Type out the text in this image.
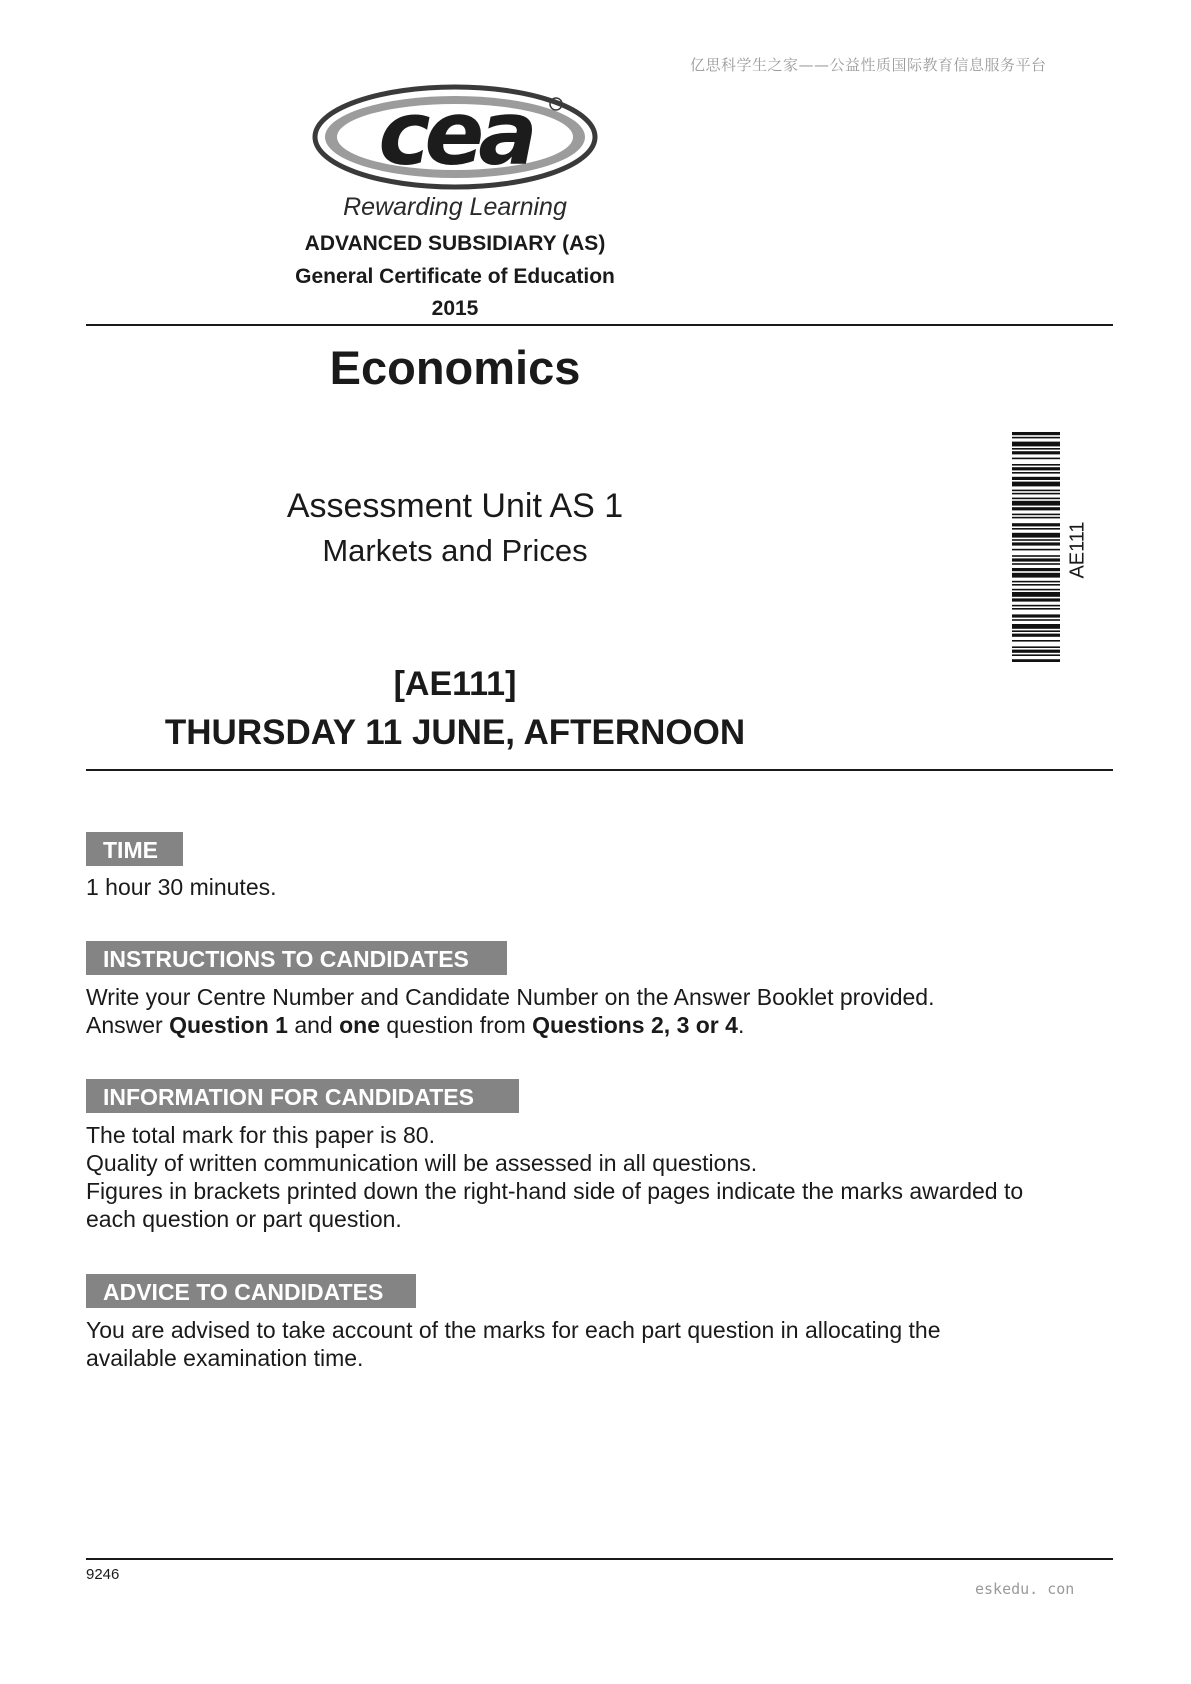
亿思科学生之家——公益性质国际教育信息服务平台
cea
Rewarding Learning
ADVANCED SUBSIDIARY (AS)
General Certificate of Education
2015
Economics
Assessment Unit AS 1
Markets and Prices
[AE111]
THURSDAY 11 JUNE, AFTERNOON
AE111
TIME

1 hour 30 minutes.

INSTRUCTIONS TO CANDIDATES

Write your Centre Number and Candidate Number on the Answer Booklet provided.

Answer Question 1 and one question from Questions 2, 3 or 4.

INFORMATION FOR CANDIDATES

The total mark for this paper is 80.

Quality of written communication will be assessed in all questions.

Figures in brackets printed down the right-hand side of pages indicate the marks awarded to

each question or part question.

ADVICE TO CANDIDATES

You are advised to take account of the marks for each part question in allocating the

available examination time.

9246
eskedu. con
